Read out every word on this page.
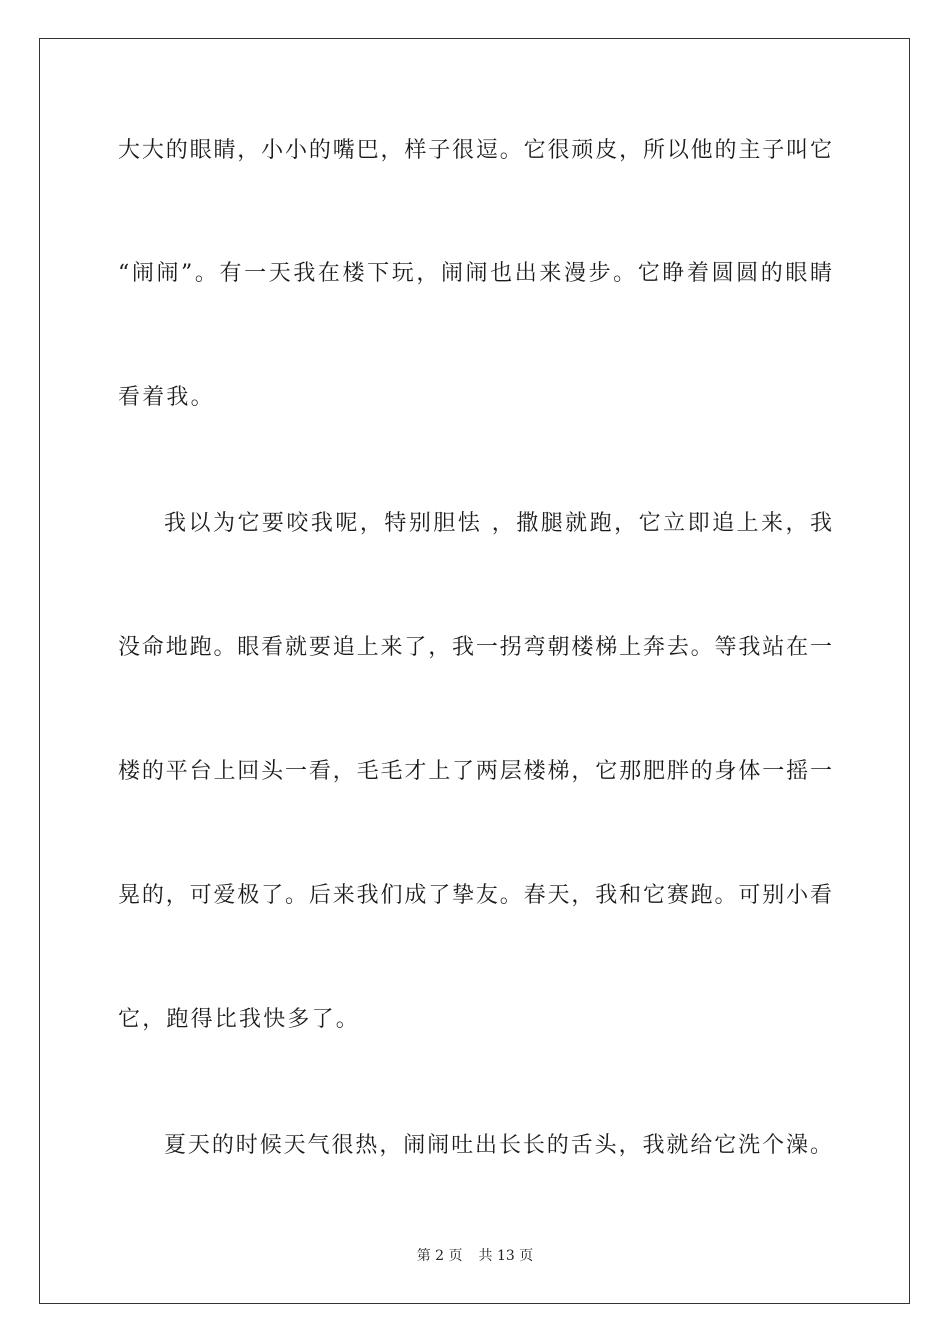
大大的眼睛，小小的嘴巴，样子很逗。它很顽皮，所以他的主子叫它
“闹闹”。有一天我在楼下玩，闹闹也出来漫步。它睁着圆圆的眼睛
看着我。
我以为它要咬我呢，特别胆怯 ，撒腿就跑，它立即追上来，我
没命地跑。眼看就要追上来了，我一拐弯朝楼梯上奔去。等我站在一
楼的平台上回头一看，毛毛才上了两层楼梯，它那肥胖的身体一摇一
晃的，可爱极了。后来我们成了挚友。春天，我和它赛跑。可别小看
它，跑得比我快多了。
夏天的时候天气很热，闹闹吐出长长的舌头，我就给它洗个澡。
第 2 页 共 13 页
